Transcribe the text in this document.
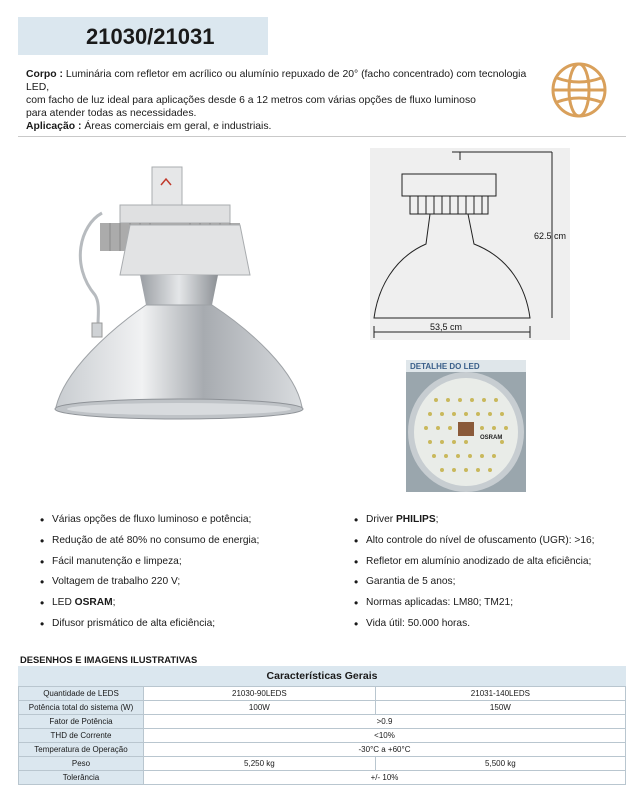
21030/21031
Corpo : Luminária com refletor em acrílico ou alumínio repuxado de 20° (facho concentrado) com tecnologia LED,
com facho de luz ideal para aplicações desde 6 a 12 metros com várias opções de fluxo luminoso
para atender todas as necessidades.
Aplicação : Áreas comerciais em geral, e industriais.
62.5 cm
53,5 cm
DETALHE DO LED
OSRAM
• Várias opções de fluxo luminoso e potência;
• Redução de até 80% no consumo de energia;
• Fácil manutenção e limpeza;
• Voltagem de trabalho 220 V;
• LED OSRAM;
• Difusor prismático de alta eficiência;
• Driver PHILIPS;
• Alto controle do nível de ofuscamento (UGR): >16;
• Refletor em alumínio anodizado de alta eficiência;
• Garantia de 5 anos;
• Normas aplicadas: LM80; TM21;
• Vida útil: 50.000 horas.
DESENHOS E IMAGENS ILUSTRATIVAS
Características Gerais
Quantidade de LEDS	21030-90LEDS	21031-140LEDS
Potência total do sistema (W)	100W	150W
Fator de Potência	>0.9	
THD de Corrente	<10%	
Temperatura de Operação	-30°C a +60°C	
Peso	5,250 kg	5,500 kg
Tolerância	+/- 10%	
